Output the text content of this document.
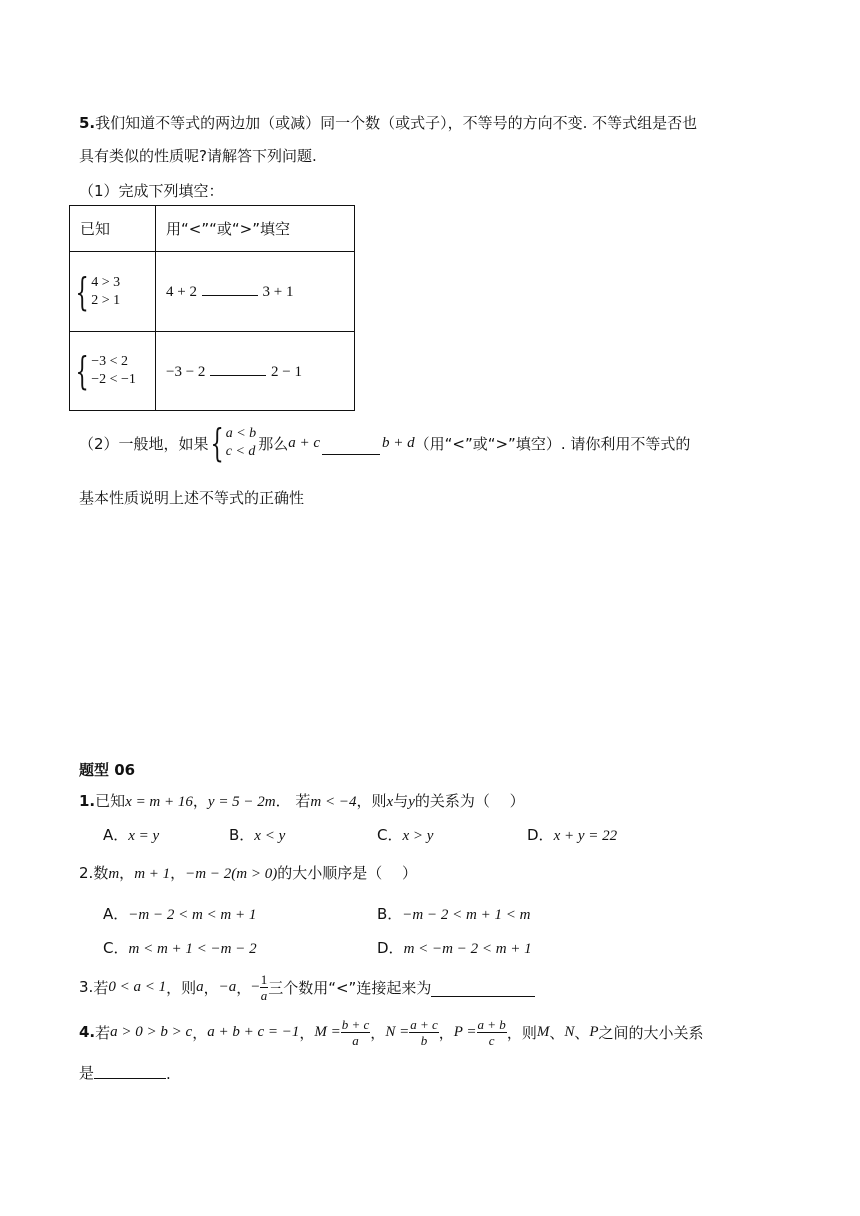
5.我们知道不等式的两边加（或减）同一个数（或式子），不等号的方向不变. 不等式组是否也
具有类似的性质呢?请解答下列问题.
（1）完成下列填空：
已知	用“<”“或“>”填空

{ 4 > 3
2 > 1	4 + 2 3 + 1

{ −3 < 2
−2 < −1	−3 − 2 2 − 1
（2）一般地，如果 { a < b
c < d 那么 a + c	b + d （用“<”或“>”填空）. 请你利用不等式的
基本性质说明上述不等式的正确性
题型 06
1.已知x = m + 16，y = 5 − 2m． 若m < −4，则x与y的关系为（　 ）
A．x = y	B．x < y	C．x > y	D．x + y = 22
2.数m，m + 1，−m − 2(m > 0)的大小顺序是（　 ）
A．−m − 2 < m < m + 1	B．−m − 2 < m + 1 < m
C．m < m + 1 < −m − 2	D．m < −m − 2 < m + 1
3. 若 0 < a < 1 ，则 a ， −a ， − $\frac{1}{a}$ 三个数用“<”连接起来为
4. 若 a > 0 > b > c ， a + b + c = −1 ， $M = \frac{b + c}{a}$ ， $N = \frac{a + c}{b}$ ， $P = \frac{a + b}{c}$ ，则 M 、 N 、 P 之间的大小关系
是	.
